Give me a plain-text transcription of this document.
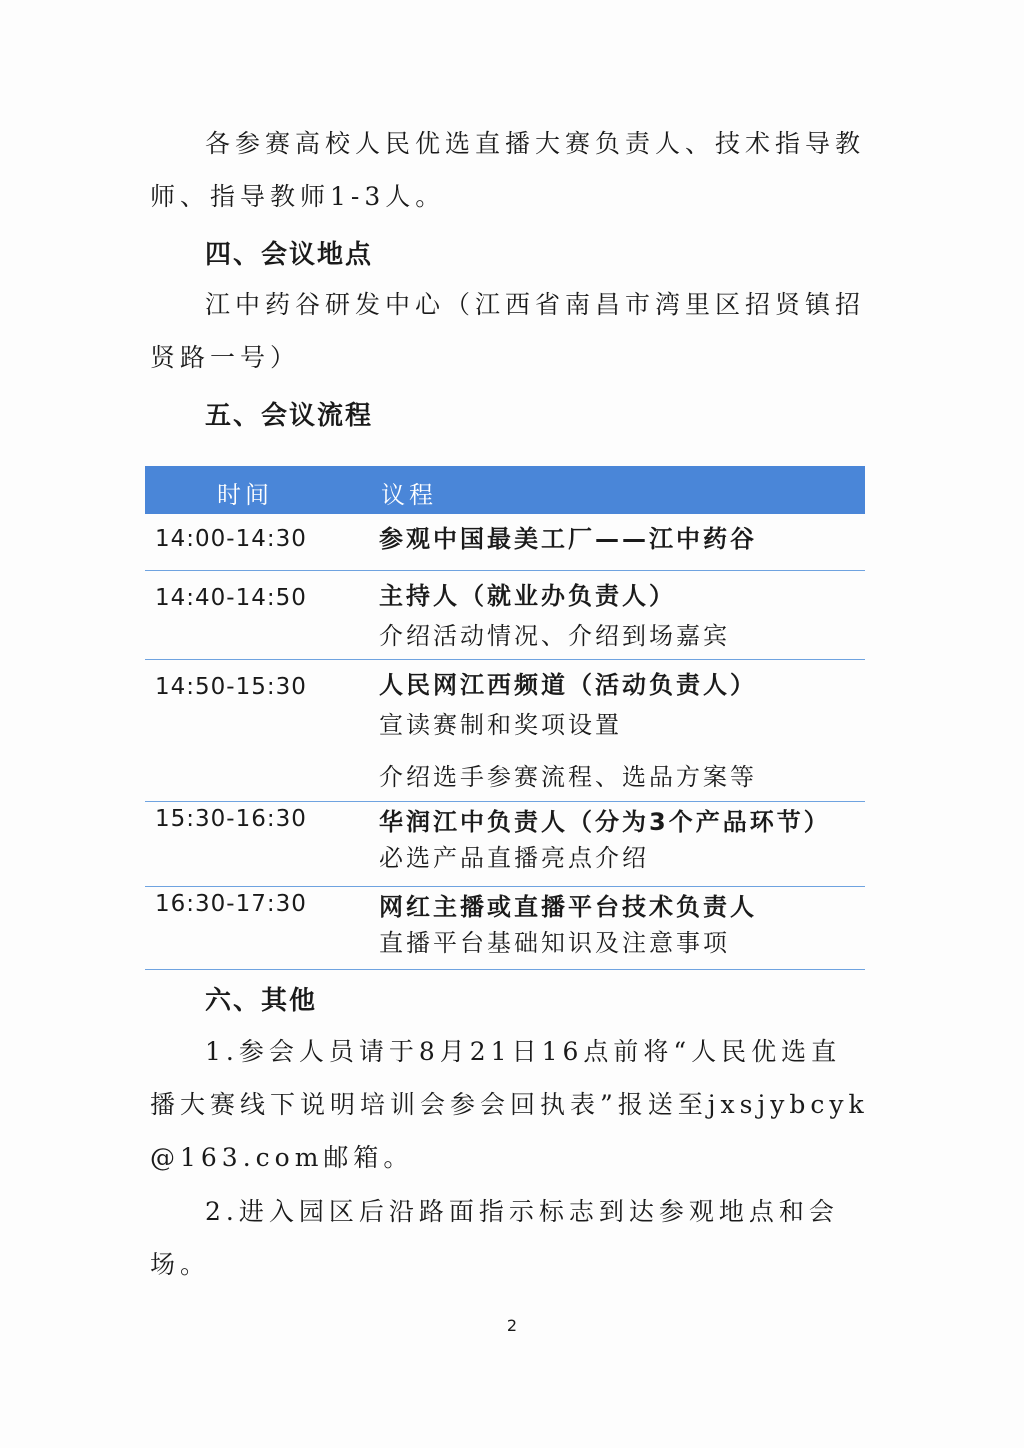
各参赛高校人民优选直播大赛负责人、技术指导教师、指导教师1-3人。

四、会议地点

江中药谷研发中心（江西省南昌市湾里区招贤镇招贤路一号）

五、会议流程
时间	议程
14:00-14:30	参观中国最美工厂——江中药谷
14:40-14:50	主持人（就业办负责人）
介绍活动情况、介绍到场嘉宾
14:50-15:30	人民网江西频道（活动负责人）
宣读赛制和奖项设置
介绍选手参赛流程、选品方案等
15:30-16:30	华润江中负责人（分为3个产品环节）
必选产品直播亮点介绍
16:30-17:30	网红主播或直播平台技术负责人
直播平台基础知识及注意事项
六、其他

1.参会人员请于8月21日16点前将“人民优选直播大赛线下说明培训会参会回执表”报送至jxsjybcyk@163.com邮箱。

2.进入园区后沿路面指示标志到达参观地点和会场。

2
